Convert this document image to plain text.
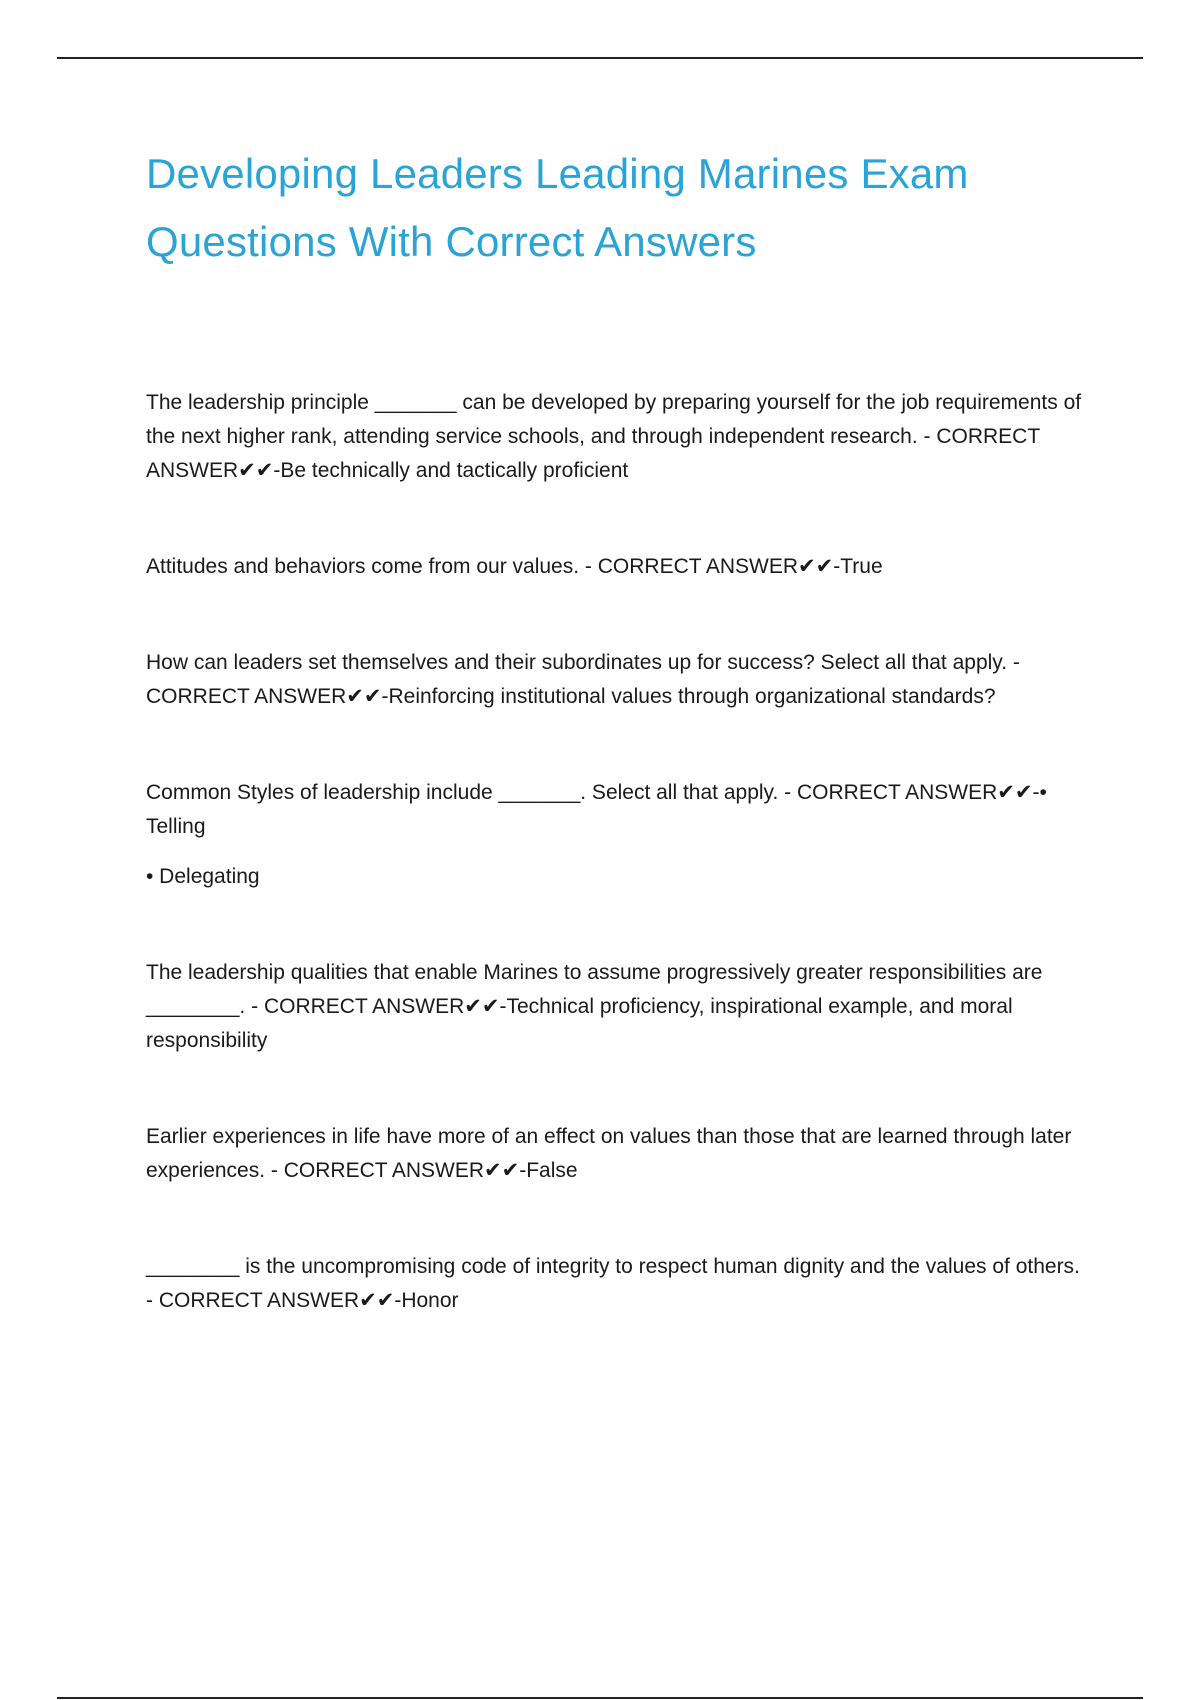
Developing Leaders Leading Marines Exam Questions With Correct Answers

The leadership principle _______ can be developed by preparing yourself for the job requirements of the next higher rank, attending service schools, and through independent research. - CORRECT ANSWER✔✔-Be technically and tactically proficient

Attitudes and behaviors come from our values. - CORRECT ANSWER✔✔-True

How can leaders set themselves and their subordinates up for success? Select all that apply. - CORRECT ANSWER✔✔-Reinforcing institutional values through organizational standards?

Common Styles of leadership include _______. Select all that apply. - CORRECT ANSWER✔✔-• Telling

• Delegating

The leadership qualities that enable Marines to assume progressively greater responsibilities are ________. - CORRECT ANSWER✔✔-Technical proficiency, inspirational example, and moral responsibility

Earlier experiences in life have more of an effect on values than those that are learned through later experiences. - CORRECT ANSWER✔✔-False

________ is the uncompromising code of integrity to respect human dignity and the values of others. - CORRECT ANSWER✔✔-Honor
